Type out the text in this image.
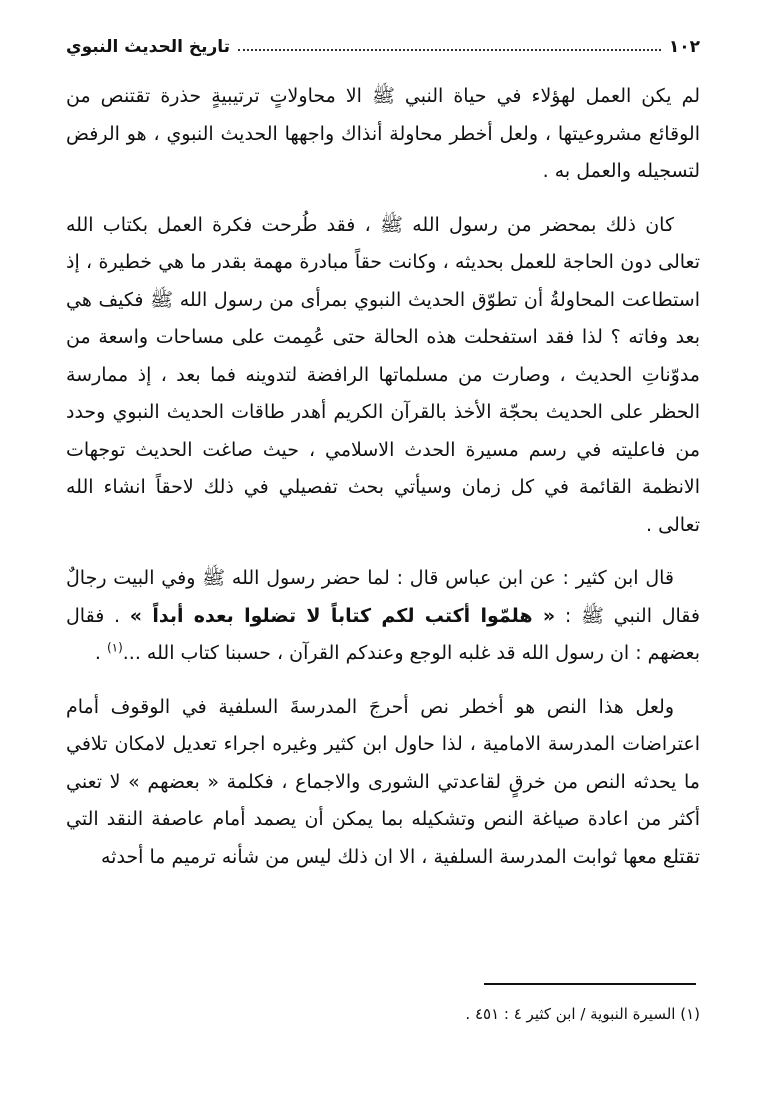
١٠٢
تاريخ الحديث النبوي

لم يكن العمل لهؤلاء في حياة النبي ﷺ الا محاولاتٍ ترتيبيةٍ حذرة تقتنص من الوقائع مشروعيتها ، ولعل أخطر محاولة أنذاك واجهها الحديث النبوي ، هو الرفض لتسجيله والعمل به .

كان ذلك بمحضر من رسول الله ﷺ ، فقد طُرحت فكرة العمل بكتاب الله تعالى دون الحاجة للعمل بحديثه ، وكانت حقاً مبادرة مهمة بقدر ما هي خطيرة ، إذ استطاعت المحاولةُ أن تطوّق الحديث النبوي بمرأى من رسول الله ﷺ فكيف هي بعد وفاته ؟ لذا فقد استفحلت هذه الحالة حتى عُمِمت على مساحات واسعة من مدوّناتِ الحديث ، وصارت من مسلماتها الرافضة لتدوينه فما بعد ، إذ ممارسة الحظر على الحديث بحجّة الأخذ بالقرآن الكريم أهدر طاقات الحديث النبوي وحدد من فاعليته في رسم مسيرة الحدث الاسلامي ، حيث صاغت الحديث توجهات الانظمة القائمة في كل زمان وسيأتي بحث تفصيلي في ذلك لاحقاً انشاء الله تعالى .

قال ابن كثير : عن ابن عباس قال : لما حضر رسول الله ﷺ وفي البيت رجالٌ فقال النبي ﷺ : « هلمّوا أكتب لكم كتاباً لا تضلوا بعده أبداً » . فقال بعضهم : ان رسول الله قد غلبه الوجع وعندكم القرآن ، حسبنا كتاب الله ...$^{(١)}$ .

ولعل هذا النص هو أخطر نص أحرجَ المدرسةَ السلفية في الوقوف أمام اعتراضات المدرسة الامامية ، لذا حاول ابن كثير وغيره اجراء تعديل لامكان تلافي ما يحدثه النص من خرقٍ لقاعدتي الشورى والاجماع ، فكلمة « بعضهم » لا تعني أكثر من اعادة صياغة النص وتشكيله بما يمكن أن يصمد أمام عاصفة النقد التي تقتلع معها ثوابت المدرسة السلفية ، الا ان ذلك ليس من شأنه ترميم ما أحدثه

(١) السيرة النبوية / ابن كثير ٤ : ٤٥١ .
